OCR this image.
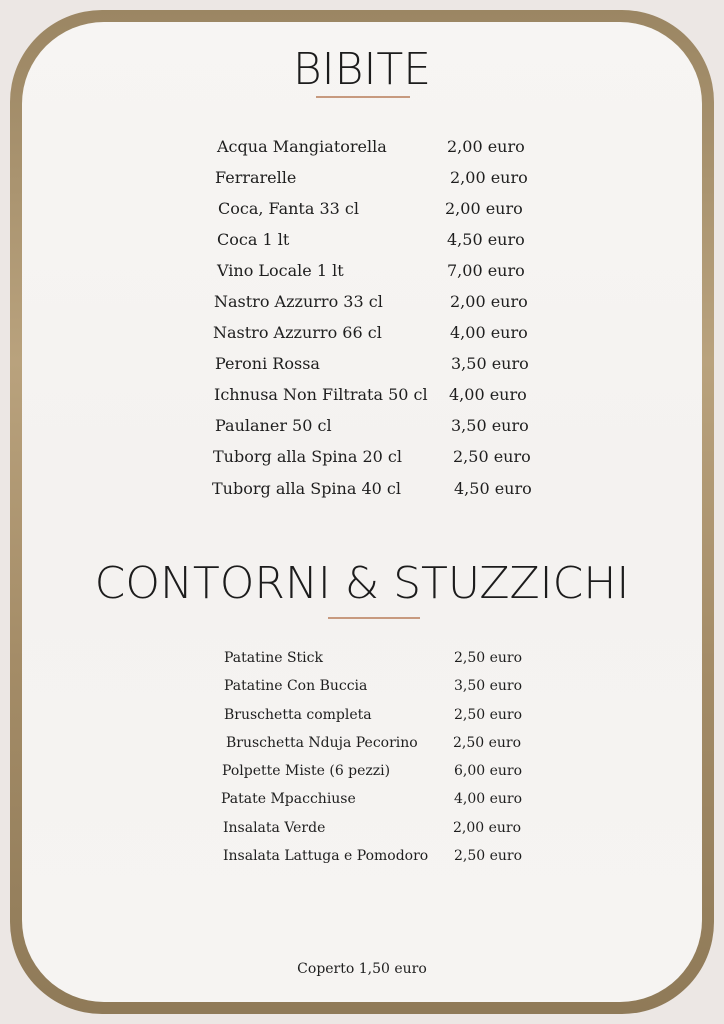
BIBITE
Acqua Mangiatorella	2,00 euro
Ferrarelle	2,00 euro
Coca, Fanta 33 cl	2,00 euro
Coca 1 lt	4,50 euro
Vino Locale 1 lt	7,00 euro
Nastro Azzurro 33 cl	2,00 euro
Nastro Azzurro 66 cl	4,00 euro
Peroni Rossa	3,50 euro
Ichnusa Non Filtrata 50 cl 4,00 euro
Paulaner 50 cl	3,50 euro
Tuborg alla Spina 20 cl	2,50 euro
Tuborg alla Spina 40 cl	4,50 euro
CONTORNI & STUZZICHI
Patatine Stick	2,50 euro
Patatine Con Buccia	3,50 euro
Bruschetta completa	2,50 euro
Bruschetta Nduja Pecorino	2,50 euro
Polpette Miste (6 pezzi)	6,00 euro
Patate Mpacchiuse	4,00 euro
Insalata Verde	2,00 euro
Insalata Lattuga e Pomodoro 2,50 euro
Coperto 1,50 euro
